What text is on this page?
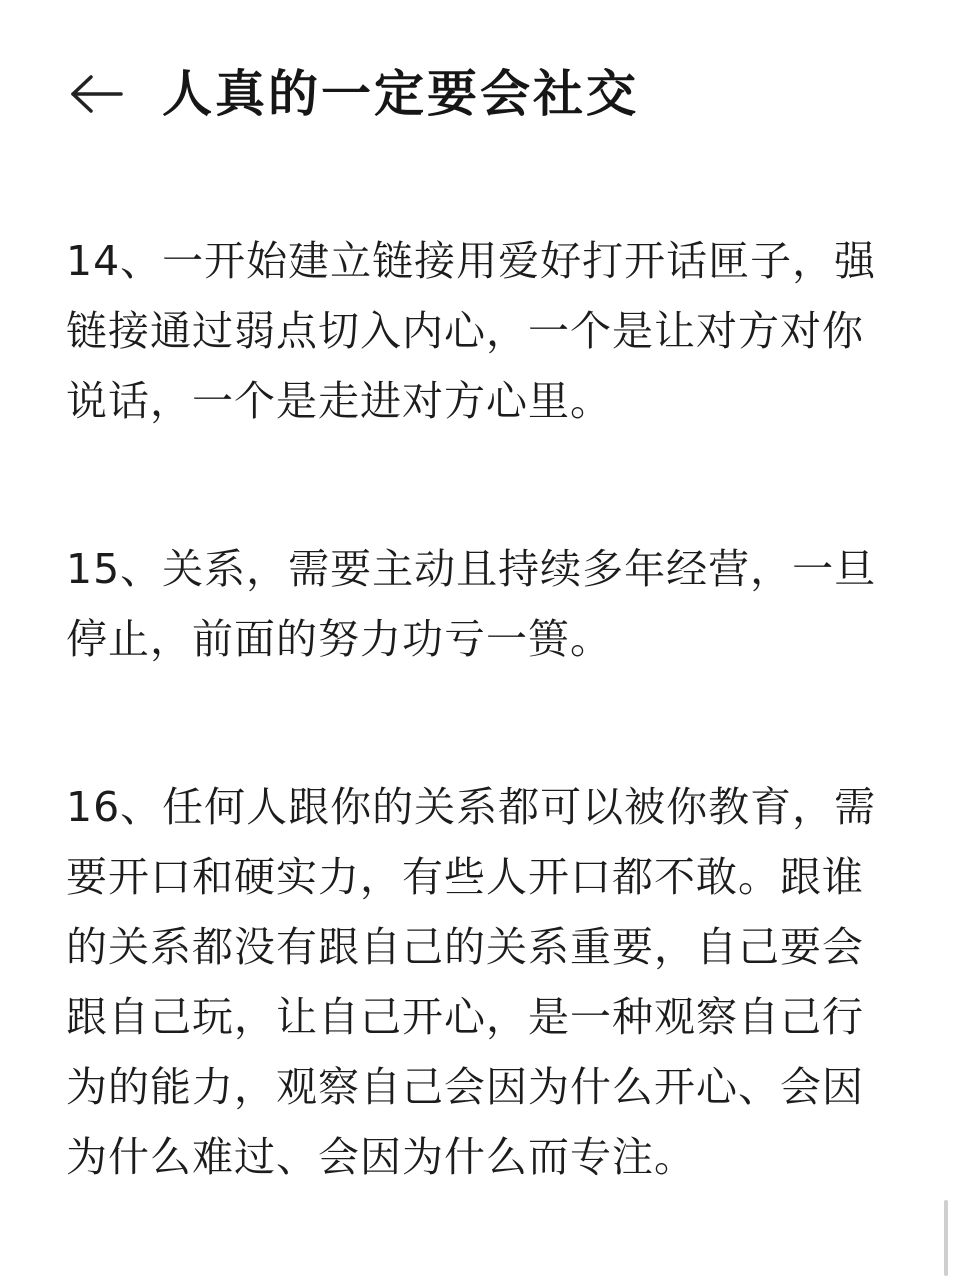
人真的一定要会社交

14、一开始建立链接用爱好打开话匣子，强链接通过弱点切入内心，一个是让对方对你说话，一个是走进对方心里。

15、关系，需要主动且持续多年经营，一旦停止，前面的努力功亏一篑。

16、任何人跟你的关系都可以被你教育，需要开口和硬实力，有些人开口都不敢。跟谁的关系都没有跟自己的关系重要，自己要会跟自己玩，让自己开心，是一种观察自己行为的能力，观察自己会因为什么开心、会因为什么难过、会因为什么而专注。
